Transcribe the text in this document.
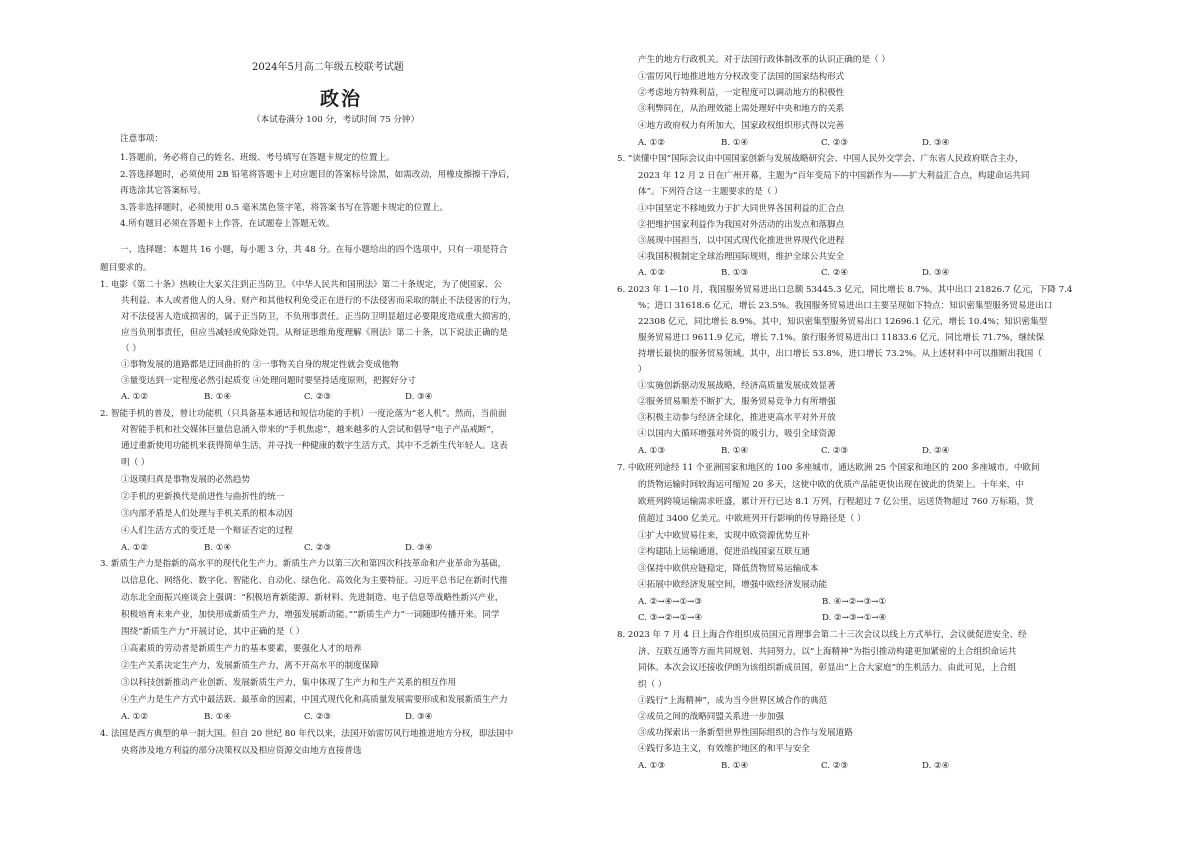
2024年5月高二年级五校联考试题
政治
（本试卷满分 100 分，考试时间 75 分钟）
注意事项：
1.答题前，务必将自己的姓名、班级、考号填写在答题卡规定的位置上。
2.答选择题时，必须使用 2B 铅笔将答题卡上对应题目的答案标号涂黑，如需改动，用橡皮擦擦干净后，
再选涂其它答案标号。
3.答非选择题时，必须使用 0.5 毫米黑色签字笔，将答案书写在答题卡规定的位置上。
4.所有题目必须在答题卡上作答，在试题卷上答题无效。
一、选择题：本题共 16 小题，每小题 3 分，共 48 分。在每小题给出的四个选项中，只有一项是符合
题目要求的。
1. 电影《第二十条》热映让大家关注到正当防卫。《中华人民共和国刑法》第二十条规定，为了使国家、公
共利益、本人或者他人的人身、财产和其他权利免受正在进行的不法侵害而采取的制止不法侵害的行为，
对不法侵害人造成损害的，属于正当防卫，不负刑事责任。正当防卫明显超过必要限度造成重大损害的，
应当负刑事责任，但应当减轻或免除处罚。从辩证思维角度理解《刑法》第二十条，以下说法正确的是
（ ）
①事物发展的道路都是迂回曲折的 ②一事物关自身的规定性就会变成他物
③量变达到一定程度必然引起质变 ④处理问题时要坚持适度原则，把握好分寸
A. ①②	B. ①④	C. ②③	D. ③④
2. 智能手机的普及，曾让功能机（只具备基本通话和短信功能的手机）一度沦落为“老人机”。然而，当前面
对智能手机和社交媒体巨量信息涌入带来的“手机焦虑”，越来越多的人尝试和倡导“电子产品戒断”，
通过重新使用功能机来获得简单生活，并寻找一种健康的数字生活方式，其中不乏新生代年轻人。这表
明（ ）
①返璞归真是事物发展的必然趋势
②手机的更新换代是前进性与曲折性的统一
③内部矛盾是人们处理与手机关系的根本动因
④人们生活方式的变迁是一个辩证否定的过程
A. ①②	B. ①④	C. ②③	D. ③④
3. 新质生产力是指新的高水平的现代化生产力。新质生产力以第三次和第四次科技革命和产业革命为基础，
以信息化、网络化、数字化、智能化、自动化、绿色化、高效化为主要特征。习近平总书记在新时代推
动东北全面振兴座谈会上强调：“积极培育新能源、新材料、先进制造、电子信息等战略性新兴产业，
积极培育未来产业，加快形成新质生产力，增强发展新动能。”“新质生产力”一词随即传播开来。同学
围绕“新质生产力”开展讨论，其中正确的是（ ）
①高素质的劳动者是新质生产力的基本要素，要强化人才的培养
②生产关系决定生产力，发展新质生产力，离不开高水平的制度保障
③以科技创新推动产业创新、发展新质生产力，集中体现了生产力和生产关系的相互作用
④生产力是生产方式中最活跃、最革命的因素，中国式现代化和高质量发展需要形成和发展新质生产力
A. ①②	B. ①④	C. ②③	D. ③④
4. 法国是西方典型的单一制大国。但自 20 世纪 80 年代以来，法国开始雷厉风行地推进地方分权，即法国中
央将涉及地方利益的部分决策权以及相应资源交由地方直接普选
产生的地方行政机关。对于法国行政体制改革的认识正确的是（ ）
①雷厉风行地推进地方分权改变了法国的国家结构形式
②考虑地方特殊利益，一定程度可以调动地方的积极性
③利弊同在，从治理效能上需处理好中央和地方的关系
④地方政府权力有所加大，国家政权组织形式得以完善
A. ①②	B. ①④	C. ②③	D. ③④
5. “读懂中国”国际会议由中国国家创新与发展战略研究会、中国人民外交学会、广东省人民政府联合主办，
2023 年 12 月 2 日在广州开幕，主题为“百年变局下的中国新作为——扩大利益汇合点，构建命运共同
体”。下列符合这一主题要求的是（ ）
①中国坚定不移地致力于扩大同世界各国利益的汇合点
②把维护国家利益作为我国对外活动的出发点和落脚点
③展现中国担当，以中国式现代化推进世界现代化进程
④我国积极制定全球治理国际规则，维护全球公共安全
A. ①②	B. ①③	C. ②④	D. ③④
6. 2023 年 1—10 月，我国服务贸易进出口总额 53445.3 亿元，同比增长 8.7%。其中出口 21826.7 亿元，下降 7.4
%；进口 31618.6 亿元，增长 23.5%。我国服务贸易进出口主要呈现如下特点：知识密集型服务贸易进出口
22308 亿元，同比增长 8.9%。其中，知识密集型服务贸易出口 12696.1 亿元，增长 10.4%；知识密集型
服务贸易进口 9611.9 亿元，增长 7.1%。旅行服务贸易进出口 11833.6 亿元，同比增长 71.7%，继续保
持增长最快的服务贸易领域。其中，出口增长 53.8%，进口增长 73.2%。从上述材料中可以推断出我国（
）
①实施创新驱动发展战略，经济高质量发展成效显著
②服务贸易顺差不断扩大，服务贸易竞争力有所增强
③积极主动参与经济全球化，推进更高水平对外开放
④以国内大循环增强对外资的吸引力，吸引全球资源
A. ①③	B. ①④	C. ②③	D. ②④
7. 中欧班列途经 11 个亚洲国家和地区的 100 多座城市，通达欧洲 25 个国家和地区的 200 多座城市。中欧间
的货物运输时间较海运可缩短 20 多天，这使中欧的优质产品能更快出现在彼此的货架上。十年来，中
欧班列跨境运输需求旺盛，累计开行已达 8.1 万列，行程超过 7 亿公里，运送货物超过 760 万标箱，货
值超过 3400 亿美元。中欧班列开行影响的传导路径是（ ）
①扩大中欧贸易往来，实现中欧资源优势互补
②构建陆上运输通道，促进沿线国家互联互通
③保持中欧供应链稳定，降低货物贸易运输成本
④拓展中欧经济发展空间，增强中欧经济发展动能
A. ②→④→①→③	B. ④→②→③→①
C. ③→②→①→④	D. ②→③→①→④
8. 2023 年 7 月 4 日上海合作组织成员国元首理事会第二十三次会议以线上方式举行，会议就促进安全、经
济、互联互通等方面共同规划、共同努力，以“上海精神”为指引推动构建更加紧密的上合组织命运共
同体。本次会议还接收伊朗为该组织新成员国，彰显出“上合大家庭”的生机活力。由此可见，上合组
织（ ）
①践行“上海精神”，成为当今世界区域合作的典范
②成员之间的战略同盟关系进一步加强
③成功探索出一条新型世界性国际组织的合作与发展道路
④践行多边主义，有效维护地区的和平与安全
A. ①③	B. ①④	C. ②③	D. ②④
